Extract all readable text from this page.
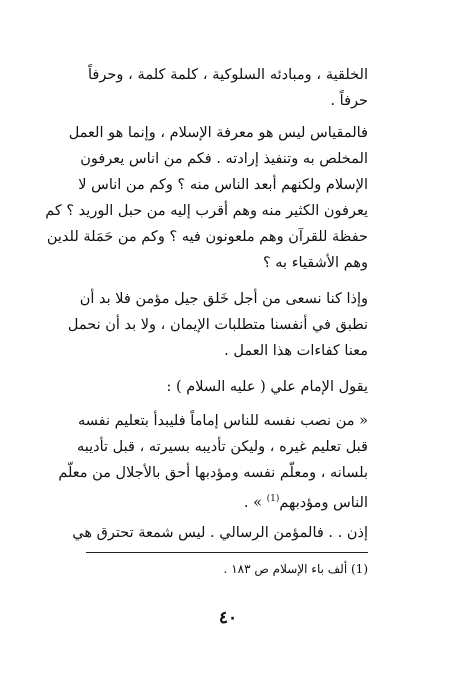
الخلقية ، ومبادئه السلوكية ، كلمة كلمة ، وحرفاً
حرفاً .
فالمقياس ليس هو معرفة الإسلام ، وإنما هو العمل
المخلص به وتنفيذ إرادته . فكم من اناس يعرفون
الإسلام ولكنهم أبعد الناس منه ؟ وكم من اناس لا
يعرفون الكثير منه وهم أقرب إليه من حبل الوريد ؟ كم
حفظة للقرآن وهم ملعونون فيه ؟ وكم من حَمَلة للدين
وهم الأشقياء به ؟
وإذا كنا نسعى من أجل خَلق جيل مؤمن فلا بد أن
نطبق في أنفسنا متطلبات الإيمان ، ولا بد أن نحمل
معنا كفاءات هذا العمل .
يقول الإمام علي ( عليه السلام ) :
« من نصب نفسه للناس إماماً فليبدأ بتعليم نفسه
قبل تعليم غيره ، وليكن تأديبه بسيرته ، قبل تأديبه
بلسانه ، ومعلّم نفسه ومؤدبها أحق بالأجلال من معلّم
الناس ومؤدبهم$^{(1)}$ » .
إذن . . فالمؤمن الرسالي . ليس شمعة تحترق هي
(1) ألف باء الإسلام ص ١٨٣ .
٤٠
